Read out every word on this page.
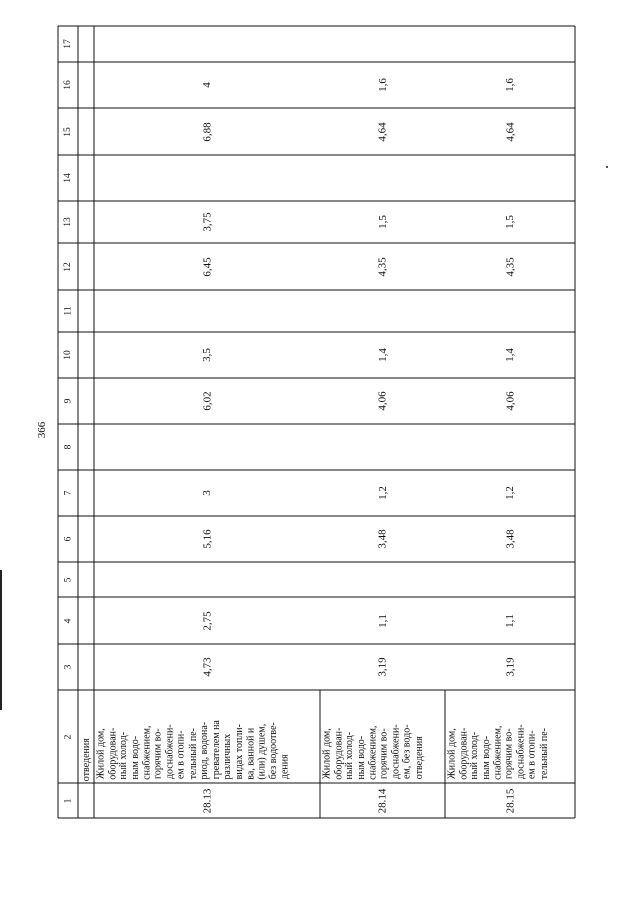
366
1
2
3
4
5
6
7
8
9
10
11
12
13
14
15
16
17
отведения
28.13
Жилой дом, оборудован- ный холод- ным водо- снабжением, горячим во- доснабжени- ем в отопи- тельный пе- риод, водона- гревателем на различных видах топли- ва, ванной и (или) душем, без водоотве- дения
4,73
2,75
5,16
3
6,02
3,5
6,45
3,75
6,88
4
28.14
Жилой дом, оборудован- ный холод- ным водо- снабжением, горячим во- доснабжени- ем, без водо- отведения
3,19
1,1
3,48
1,2
4,06
1,4
4,35
1,5
4,64
1,6
28.15
Жилой дом, оборудован- ный холод- ным водо- снабжением, горячим во- доснабжени- ем в отопи- тельный пе-
3,19
1,1
3,48
1,2
4,06
1,4
4,35
1,5
4,64
1,6
